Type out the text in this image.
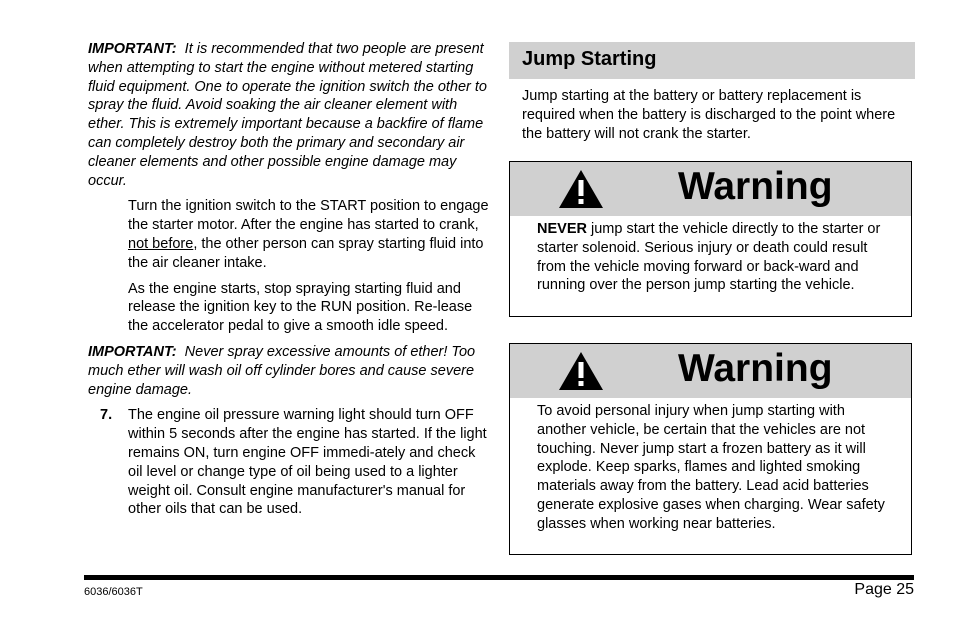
IMPORTANT: It is recommended that two people are present when attempting to start the engine without metered starting fluid equipment. One to operate the ignition switch the other to spray the fluid. Avoid soaking the air cleaner element with ether. This is extremely important because a backfire of flame can completely destroy both the primary and secondary air cleaner elements and other possible engine damage may occur.

Turn the ignition switch to the START position to engage the starter motor. After the engine has started to crank, not before, the other person can spray starting fluid into the air cleaner intake.

As the engine starts, stop spraying starting fluid and release the ignition key to the RUN position. Re-lease the accelerator pedal to give a smooth idle speed.

IMPORTANT: Never spray excessive amounts of ether! Too much ether will wash oil off cylinder bores and cause severe engine damage.

7. The engine oil pressure warning light should turn OFF within 5 seconds after the engine has started. If the light remains ON, turn engine OFF immedi-ately and check oil level or change type of oil being used to a lighter weight oil. Consult engine manufacturer's manual for other oils that can be used.
Jump Starting

Jump starting at the battery or battery replacement is required when the battery is discharged to the point where the battery will not crank the starter.

Warning

NEVER jump start the vehicle directly to the starter or starter solenoid. Serious injury or death could result from the vehicle moving forward or back-ward and running over the person jump starting the vehicle.

Warning

To avoid personal injury when jump starting with another vehicle, be certain that the vehicles are not touching. Never jump start a frozen battery as it will explode. Keep sparks, flames and lighted smoking materials away from the battery. Lead acid batteries generate explosive gases when charging. Wear safety glasses when working near batteries.

6036/6036T	Page 25
